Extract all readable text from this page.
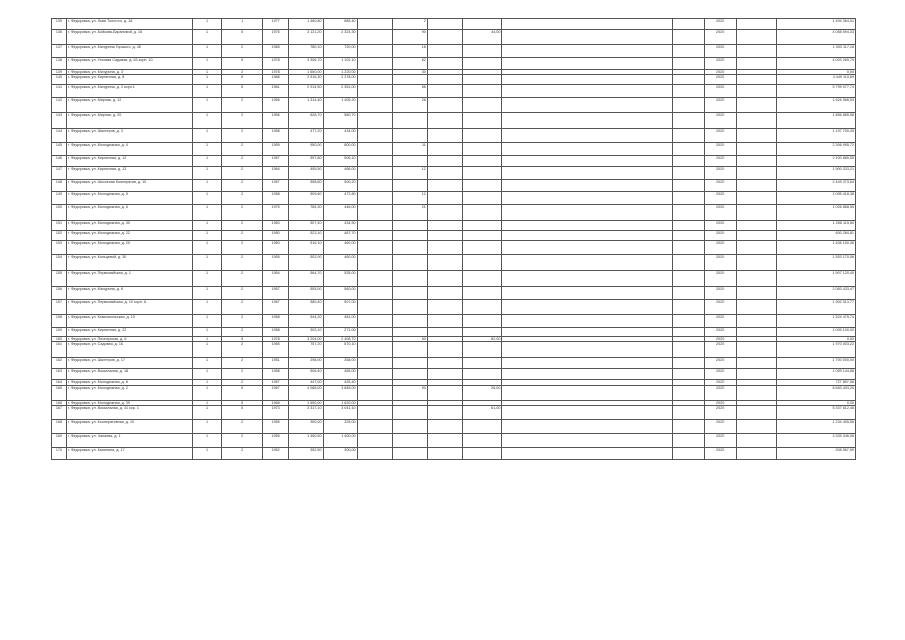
135	г. Федоровка, ул. Льва Толстого, д. 18	1	1	1977	1 460,80	885,40		2					2020		1 494 364,51
136	г. Федоровка, ул. Бойкова-Барановой, д. 16	1	5	1975	3 121,20	2 324,30		90		44,00			2020		4 058 594,33
137	г. Федоровка, ул. Мичурина Горького, д. 45	1	2	1965	780,10	720,00		18					2020		1 003 117,18
138	г. Федоровка, ул. Угловая Садовая, д. 63 корп. 10	1	5	1978	3 306,70	1 102,10		62					2020		4 003 265,79
139	г. Федоровка, ул. Мичурина, д. 3	1	2	1978	1 650,00	1 220,00		30					2020		0,00
140	г. Федоровка, ул. Кирпичная, д. 8	1	5	1968	2 516,30	2 378,00							2020		4 449 110,69
141	г. Федоровка, ул. Мичурина, д. 2 корп.1	1	5	1961	2 914,50	2 351,00		66					2020		5 799 077,74
142	г. Федоровка, ул. Мирная, д. 12	1	2	1956	1 314,40	1 405,20		26					2020		1 626 966,53
143	г. Федоровка, ул. Мирная, д. 20	1	2	1956	628,70	580,70							2020		1 856 885,58
144	г. Федоровка, ул. Шахтеров, д. 3	1	2	1958	477,20	434,00							2020		1 197 700,49
145	г. Федоровка, ул. Молодежная, д. 4	1	2	1959	950,00	800,00		11					2020		2 306 995,72
146	г. Федоровка, ул. Кирпичная, д. 12	1	2	1957	597,80	506,10							2020		2 100 889,55
147	г. Федоровка, ул. Кирпичная, д. 13	1	2	1964	495,50	466,00		12					2020		1 900 333,21
148	г. Федоровка, ул. Школьная Кооператив, д. 10	1	2	1957	558,60	500,20							2020		2 449 373,64
149	г. Федоровка, ул. Молодежная, д. 5	1	2	1958	509,60	472,80		12					2020		1 095 418,38
150	г. Федоровка, ул. Молодежная, д. 6	1	2	1975	784,30	446,00		21					2020		1 026 868,55
151	г. Федоровка, ул. Молодежная, д. 30	1	2	1950	507,40	434,50							2020		1 266 115,60
152	г. Федоровка, ул. Молодежная, д. 22	1	2	1950	523,10	487,70							2020		600 284,61
153	г. Федоровка, ул. Молодежная, д. 20	1	2	1950	516,10	460,00							2020		1 406 150,46
154	г. Федоровка, ул. Кольцевой, д. 30	1	2	1955	502,00	460,00							2020		1 553 170,56
155	г. Федоровка, ул. Первомайская, д. 1	1	2	1954	564,70	535,00							2020		1 907 120,40
156	г. Федоровка, ул. Мичурина, д. 6	1	2	1957	555,00	560,00							2020		2 083 433,47
157	г. Федоровка, ул. Первомайская, д. 10 корп. А	1	2	1967	580,40	507,00							2020		1 902 313,77
158	г. Федоровка, ул. Комсомольская, д. 10	1	2	1958	544,20	481,00							2020		1 524 475,74
159	г. Федоровка, ул. Кирпичная, д. 22	1	2	1958	303,10	271,00							2020		1 099 100,00
160	г. Федоровка, ул. Пионерская, д. 6	1	5	1978	3 204,00	2 408,70		60		82,00			2020		0,00
161	г. Федоровка, ул. Садовая, д. 16	1	2	1955	757,20	670,10							2020		1 970 003,22
162	г. Федоровка, ул. Шахтеров, д. 17	1	2	1951	298,00	268,00							2020		1 700 000,00
163	г. Федоровка, ул. Вокзальная, д. 18	1	2	1958	506,40	465,00							2020		1 099 144,88
164	г. Федоровка, ул. Молодежная, д. 6	1	2	1957	447,00	425,40							2020		727 807,08
165	г. Федоровка, ул. Молодежная, д. 2	1	5	1967	4 068,00	3 845,00		90		26,00			2020		8 683 403,26
166	г. Федоровка, ул. Молодежная, д. 39	1	5	1968	1 650,00	1 620,00							2020		0,00
167	г. Федоровка, ул. Вокзальная, д. 41 кор. 1	1	5	1973	3 317,10	3 041,10				61,00			2020		5 337 612,48
168	г. Федоровка, ул. Кооперативная, д. 10	1	2	1955	350,00	325,00							2020		1 234 405,56
169	г. Федоровка, ул. Чапаева, д. 1	1	2	1955	1 460,50	1 400,00							2020		3 339 346,08
170	г. Федоровка, ул. Калинина, д. 17	1	2	1952	352,50	300,00							2020		308 567,59
